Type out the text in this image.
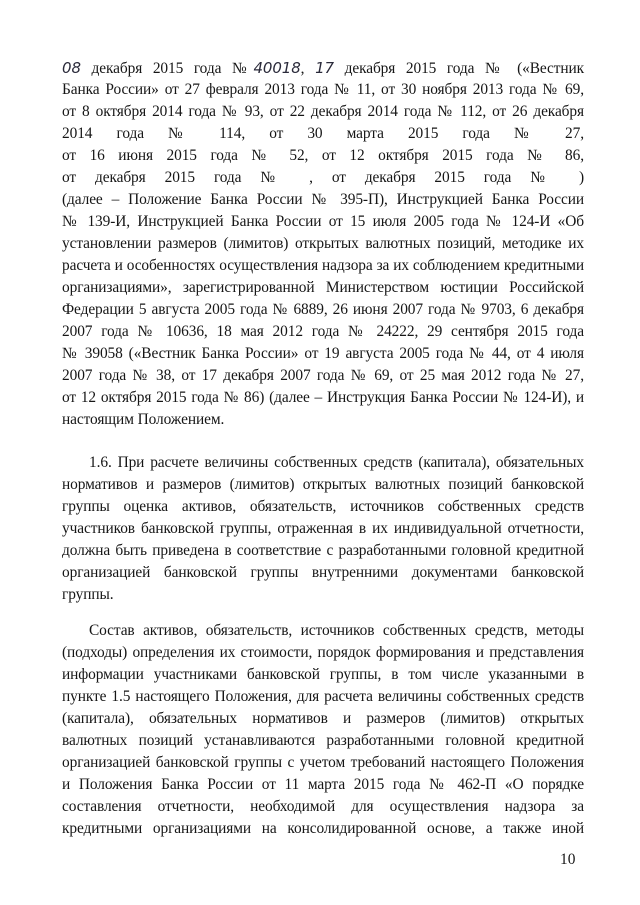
08 декабря 2015 года №40018, 17 декабря 2015 года № («Вестник
Банка России» от 27 февраля 2013 года № 11, от 30 ноября 2013 года № 69,
от 8 октября 2014 года № 93, от 22 декабря 2014 года № 112, от 26 декабря
2014 года № 114, от 30 марта 2015 года № 27,
от 16 июня 2015 года № 52, от 12 октября 2015 года № 86,
от декабря 2015 года № , от декабря 2015 года № )
(далее – Положение Банка России № 395-П), Инструкцией Банка России
№ 139-И, Инструкцией Банка России от 15 июля 2005 года № 124-И «Об
установлении размеров (лимитов) открытых валютных позиций, методике их
расчета и особенностях осуществления надзора за их соблюдением кредитными
организациями», зарегистрированной Министерством юстиции Российской
Федерации 5 августа 2005 года № 6889, 26 июня 2007 года № 9703, 6 декабря
2007 года № 10636, 18 мая 2012 года № 24222, 29 сентября 2015 года
№ 39058 («Вестник Банка России» от 19 августа 2005 года № 44, от 4 июля
2007 года № 38, от 17 декабря 2007 года № 69, от 25 мая 2012 года № 27,
от 12 октября 2015 года № 86) (далее – Инструкция Банка России № 124-И), и
настоящим Положением.
1.6. При расчете величины собственных средств (капитала), обязательных
нормативов и размеров (лимитов) открытых валютных позиций банковской
группы оценка активов, обязательств, источников собственных средств
участников банковской группы, отраженная в их индивидуальной отчетности,
должна быть приведена в соответствие с разработанными головной кредитной
организацией банковской группы внутренними документами банковской
группы.
Состав активов, обязательств, источников собственных средств, методы
(подходы) определения их стоимости, порядок формирования и представления
информации участниками банковской группы, в том числе указанными в
пункте 1.5 настоящего Положения, для расчета величины собственных средств
(капитала), обязательных нормативов и размеров (лимитов) открытых
валютных позиций устанавливаются разработанными головной кредитной
организацией банковской группы с учетом требований настоящего Положения
и Положения Банка России от 11 марта 2015 года № 462-П «О порядке
составления отчетности, необходимой для осуществления надзора за
кредитными организациями на консолидированной основе, а также иной
10
